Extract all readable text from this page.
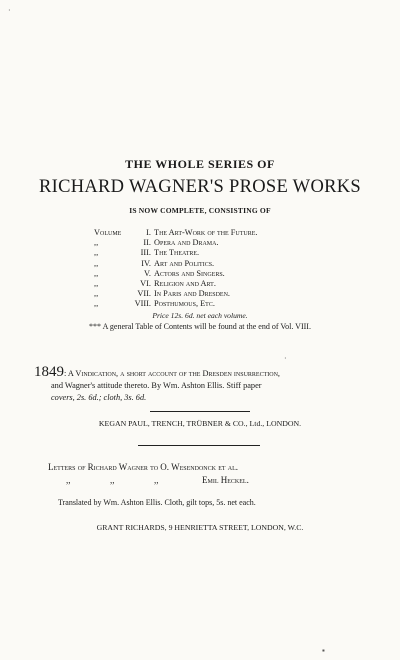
THE WHOLE SERIES OF
RICHARD WAGNER'S PROSE WORKS
IS NOW COMPLETE, CONSISTING OF
Volume	I. The Art-Work of the Future.
,,	II. Opera and Drama.
,,	III. The Theatre.
,,	IV. Art and Politics.
,,	V. Actors and Singers.
,,	VI. Religion and Art.
,,	VII. In Paris and Dresden.
,,	VIII. Posthumous, Etc.
Price 12s. 6d. net each volume.
*** A general Table of Contents will be found at the end of Vol. VIII.
1849: A Vindication, a short account of the Dresden insurrection,
and Wagner's attitude thereto. By Wm. Ashton Ellis. Stiff paper
covers, 2s. 6d.; cloth, 3s. 6d.
KEGAN PAUL, TRENCH, TRÜBNER & CO., Ltd., LONDON.
Letters of Richard Wagner to O. Wesendonck et al.
,,	,,	,,	Emil Heckel.
Translated by Wm. Ashton Ellis. Cloth, gilt tops, 5s. net each.
GRANT RICHARDS, 9 HENRIETTA STREET, LONDON, W.C.
·
·
▪
